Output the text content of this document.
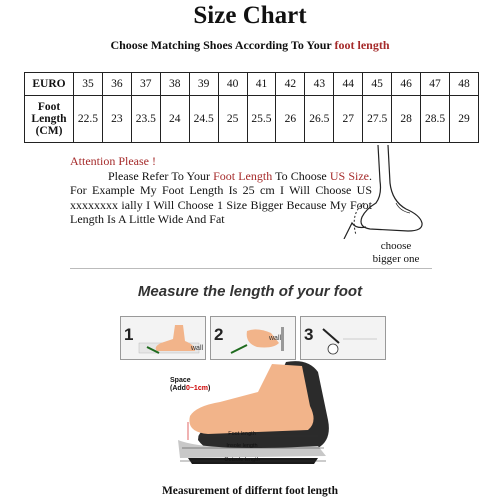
Size Chart
Choose Matching Shoes According To Your foot length
EURO	35	36	37	38	39	40	41	42	43	44	45	46	47	48
Foot
Length
(CM)	22.5	23	23.5	24	24.5	25	25.5	26	26.5	27	27.5	28	28.5	29
Attention Please !

Please Refer To Your Foot Length To Choose US Size. For Example My Foot Length Is 25 cm I Will Choose US xxxxxxxx ially I Will Choose 1 Size Bigger Because My Foot Length Is A Little Wide And Fat

choose bigger one
Measure the length of your foot
1
wall
2	wall 3
Space
(Add0~1cm)
Foot length
Insole length
Outsole length
Measurement of differnt foot length
